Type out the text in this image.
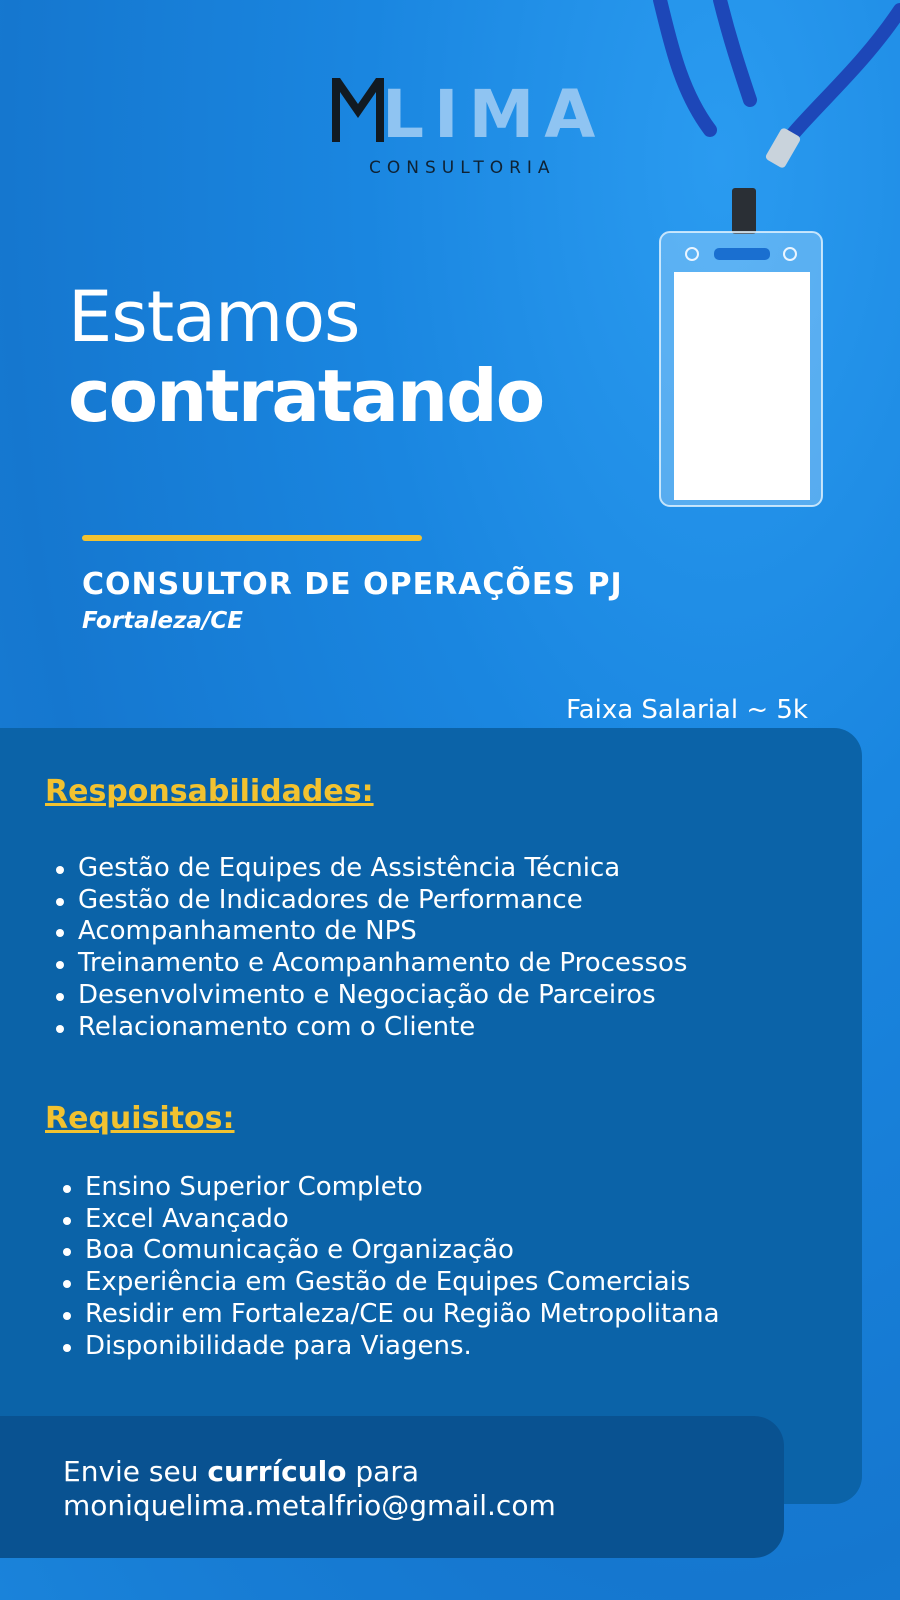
LIMA
CONSULTORIA
Estamos
contratando
CONSULTOR DE OPERAÇÕES PJ
Fortaleza/CE
Faixa Salarial ~ 5k
Responsabilidades:
Gestão de Equipes de Assistência Técnica
Gestão de Indicadores de Performance
Acompanhamento de NPS
Treinamento e Acompanhamento de Processos
Desenvolvimento e Negociação de Parceiros
Relacionamento com o Cliente
Requisitos:
Ensino Superior Completo
Excel Avançado
Boa Comunicação e Organização
Experiência em Gestão de Equipes Comerciais
Residir em Fortaleza/CE ou Região Metropolitana
Disponibilidade para Viagens.
Envie seu currículo para
moniquelima.metalfrio@gmail.com
